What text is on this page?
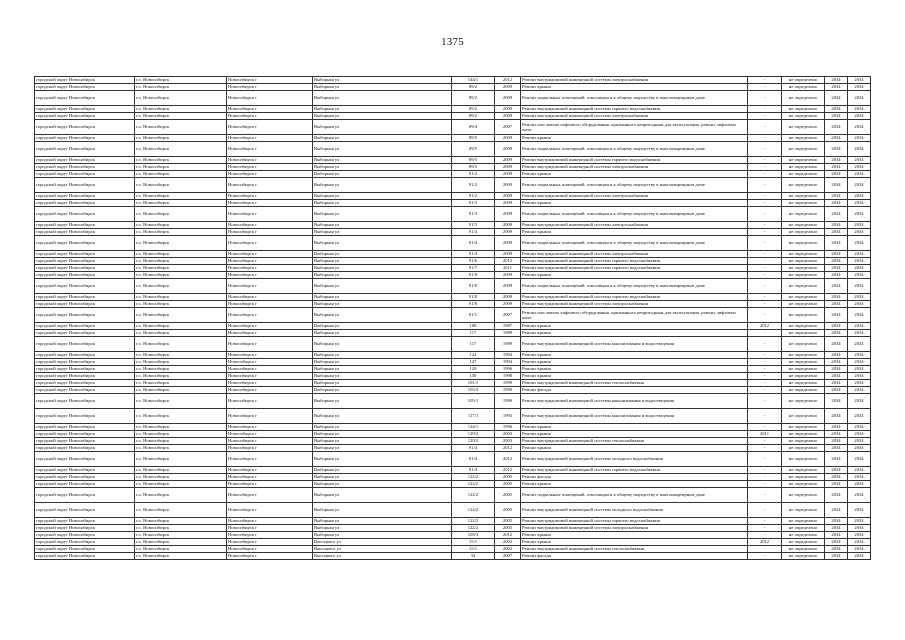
1375
городской округ Новосибирск	г.о. Новосибирск	Новосибирск г	Выборная ул	144/1	2012	Ремонт внутридомовой инженерной системы электроснабжения	-	не определено	2034	2034
городской округ Новосибирск	г.о. Новосибирск	Новосибирск г	Выборная ул	89/2	2009	Ремонт крыши	-	не определено	2034	2034
городской округ Новосибирск	г.о. Новосибирск	Новосибирск г	Выборная ул	89/2	2009	Ремонт подвальных помещений, относящихся к общему имуществу в многоквартирном доме	-	не определено	2034	2034
городской округ Новосибирск	г.о. Новосибирск	Новосибирск г	Выборная ул	89/2	2009	Ремонт внутридомовой инженерной системы горячего водоснабжения	-	не определено	2034	2034
городской округ Новосибирск	г.о. Новосибирск	Новосибирск г	Выборная ул	89/2	2009	Ремонт внутридомовой инженерной системы электроснабжения	-	не определено	2034	2034
городской округ Новосибирск	г.о. Новосибирск	Новосибирск г	Выборная ул	89/4	2007	Ремонт или замена лифтового оборудования, признанного непригодным для эксплуатации, ремонт лифтовых шахт	-	не определено	2034	2034
городской округ Новосибирск	г.о. Новосибирск	Новосибирск г	Выборная ул	89/5	2009	Ремонт крыши	-	не определено	2034	2034
городской округ Новосибирск	г.о. Новосибирск	Новосибирск г	Выборная ул	89/5	2009	Ремонт подвальных помещений, относящихся к общему имуществу в многоквартирном доме	-	не определено	2034	2034
городской округ Новосибирск	г.о. Новосибирск	Новосибирск г	Выборная ул	89/5	2009	Ремонт внутридомовой инженерной системы горячего водоснабжения	-	не определено	2034	2034
городской округ Новосибирск	г.о. Новосибирск	Новосибирск г	Выборная ул	89/5	2009	Ремонт внутридомовой инженерной системы электроснабжения	-	не определено	2034	2034
городской округ Новосибирск	г.о. Новосибирск	Новосибирск г	Выборная ул	91/2	2009	Ремонт крыши	-	не определено	2034	2034
городской округ Новосибирск	г.о. Новосибирск	Новосибирск г	Выборная ул	91/2	2009	Ремонт подвальных помещений, относящихся к общему имуществу в многоквартирном доме	-	не определено	2034	2034
городской округ Новосибирск	г.о. Новосибирск	Новосибирск г	Выборная ул	91/2	2009	Ремонт внутридомовой инженерной системы электроснабжения	-	не определено	2034	2034
городской округ Новосибирск	г.о. Новосибирск	Новосибирск г	Выборная ул	91/3	2009	Ремонт крыши	-	не определено	2034	2034
городской округ Новосибирск	г.о. Новосибирск	Новосибирск г	Выборная ул	91/3	2009	Ремонт подвальных помещений, относящихся к общему имуществу в многоквартирном доме	-	не определено	2034	2034
городской округ Новосибирск	г.о. Новосибирск	Новосибирск г	Выборная ул	91/3	2009	Ремонт внутридомовой инженерной системы электроснабжения	-	не определено	2034	2034
городской округ Новосибирск	г.о. Новосибирск	Новосибирск г	Выборная ул	91/4	2009	Ремонт крыши	-	не определено	2034	2034
городской округ Новосибирск	г.о. Новосибирск	Новосибирск г	Выборная ул	91/4	2009	Ремонт подвальных помещений, относящихся к общему имуществу в многоквартирном доме	-	не определено	2034	2034
городской округ Новосибирск	г.о. Новосибирск	Новосибирск г	Выборная ул	91/4	2009	Ремонт внутридомовой инженерной системы электроснабжения	-	не определено	2034	2034
городской округ Новосибирск	г.о. Новосибирск	Новосибирск г	Выборная ул	91/6	2012	Ремонт внутридомовой инженерной системы горячего водоснабжения	-	не определено	2034	2034
городской округ Новосибирск	г.о. Новосибирск	Новосибирск г	Выборная ул	91/7	2011	Ремонт внутридомовой инженерной системы горячего водоснабжения	-	не определено	2034	2034
городской округ Новосибирск	г.о. Новосибирск	Новосибирск г	Выборная ул	91/8	2009	Ремонт крыши	-	не определено	2034	2034
городской округ Новосибирск	г.о. Новосибирск	Новосибирск г	Выборная ул	91/8	2009	Ремонт подвальных помещений, относящихся к общему имуществу в многоквартирном доме	-	не определено	2034	2034
городской округ Новосибирск	г.о. Новосибирск	Новосибирск г	Выборная ул	91/8	2009	Ремонт внутридомовой инженерной системы горячего водоснабжения	-	не определено	2034	2034
городской округ Новосибирск	г.о. Новосибирск	Новосибирск г	Выборная ул	91/8	2009	Ремонт внутридомовой инженерной системы электроснабжения	-	не определено	2034	2034
городской округ Новосибирск	г.о. Новосибирск	Новосибирск г	Выборная ул	91/1	2007	Ремонт или замена лифтового оборудования, признанного непригодным для эксплуатации, ремонт лифтовых шахт	-	не определено	2034	2034
городской округ Новосибирск	г.о. Новосибирск	Новосибирск г	Выборная ул	108	1987	Ремонт крыши	2012	не определено	2034	2034
городской округ Новосибирск	г.о. Новосибирск	Новосибирск г	Выборная ул	117	1989	Ремонт крыши	-	не определено	2034	2034
городской округ Новосибирск	г.о. Новосибирск	Новосибирск г	Выборная ул	117	1989	Ремонт внутридомовой инженерной системы канализования и водоотведения	-	не определено	2034	2034
городской округ Новосибирск	г.о. Новосибирск	Новосибирск г	Выборная ул	124	1994	Ремонт крыши	-	не определено	2034	2034
городской округ Новосибирск	г.о. Новосибирск	Новосибирск г	Выборная ул	127	1994	Ремонт крыши	-	не определено	2034	2034
городской округ Новосибирск	г.о. Новосибирск	Новосибирск г	Выборная ул	129	1996	Ремонт крыши	-	не определено	2034	2034
городской округ Новосибирск	г.о. Новосибирск	Новосибирск г	Выборная ул	130	1998	Ремонт крыши	-	не определено	2034	2034
городской округ Новосибирск	г.о. Новосибирск	Новосибирск г	Выборная ул	101/1	1999	Ремонт внутридомовой инженерной системы теплоснабжения	-	не определено	2034	2034
городской округ Новосибирск	г.о. Новосибирск	Новосибирск г	Выборная ул	105/3	1990	Ремонт фасада	-	не определено	2034	2034
городской округ Новосибирск	г.о. Новосибирск	Новосибирск г	Выборная ул	105/1	1990	Ремонт внутридомовой инженерной системы канализования и водоотведения	-	не определено	2034	2034
городской округ Новосибирск	г.о. Новосибирск	Новосибирск г	Выборная ул	117/1	1993	Ремонт внутридомовой инженерной системы канализования и водоотведения	-	не определено	2034	2034
городской округ Новосибирск	г.о. Новосибирск	Новосибирск г	Выборная ул	124/1	1996	Ремонт крыши	-	не определено	2034	2034
городской округ Новосибирск	г.о. Новосибирск	Новосибирск г	Выборная ул	129/2	2003	Ремонт крыши	2011	не определено	2034	2034
городской округ Новосибирск	г.о. Новосибирск	Новосибирск г	Выборная ул	129/2	2003	Ремонт внутридомовой инженерной системы теплоснабжения	-	не определено	2034	2034
городской округ Новосибирск	г.о. Новосибирск	Новосибирск г	Выборная ул	91/4	2012	Ремонт крыши	-	не определено	2034	2034
городской округ Новосибирск	г.о. Новосибирск	Новосибирск г	Выборная ул	91/4	2012	Ремонт внутридомовой инженерной системы холодного водоснабжения	-	не определено	2034	2034
городской округ Новосибирск	г.о. Новосибирск	Новосибирск г	Выборная ул	91/4	2012	Ремонт внутридомовой инженерной системы горячего водоснабжения	-	не определено	2034	2034
городской округ Новосибирск	г.о. Новосибирск	Новосибирск г	Выборная ул	122/2	2005	Ремонт фасада	-	не определено	2034	2034
городской округ Новосибирск	г.о. Новосибирск	Новосибирск г	Выборная ул	122/2	2005	Ремонт крыши	-	не определено	2034	2034
городской округ Новосибирск	г.о. Новосибирск	Новосибирск г	Выборная ул	122/2	2005	Ремонт подвальных помещений, относящихся к общему имуществу в многоквартирном доме	-	не определено	2034	2034
городской округ Новосибирск	г.о. Новосибирск	Новосибирск г	Выборная ул	122/2	2005	Ремонт внутридомовой инженерной системы холодного водоснабжения	-	не определено	2034	2034
городской округ Новосибирск	г.о. Новосибирск	Новосибирск г	Выборная ул	122/2	2005	Ремонт внутридомовой инженерной системы горячего водоснабжения	-	не определено	2034	2034
городской округ Новосибирск	г.о. Новосибирск	Новосибирск г	Выборная ул	122/2	2005	Ремонт внутридомовой инженерной системы электроснабжения	-	не определено	2034	2034
городской округ Новосибирск	г.о. Новосибирск	Новосибирск г	Выборная ул	105/3	2012	Ремонт крыши	-	не определено	2034	2034
городской округ Новосибирск	г.о. Новосибирск	Новосибирск г	Высоцкого ул	15/1	2002	Ремонт крыши	2012	не определено	2034	2034
городской округ Новосибирск	г.о. Новосибирск	Новосибирск г	Высоцкого ул	15/1	2002	Ремонт внутридомовой инженерной системы теплоснабжения	-	не определено	2034	2034
городской округ Новосибирск	г.о. Новосибирск	Новосибирск г	Высоцкого ул	34	2007	Ремонт фасада	-	не определено	2034	2034
